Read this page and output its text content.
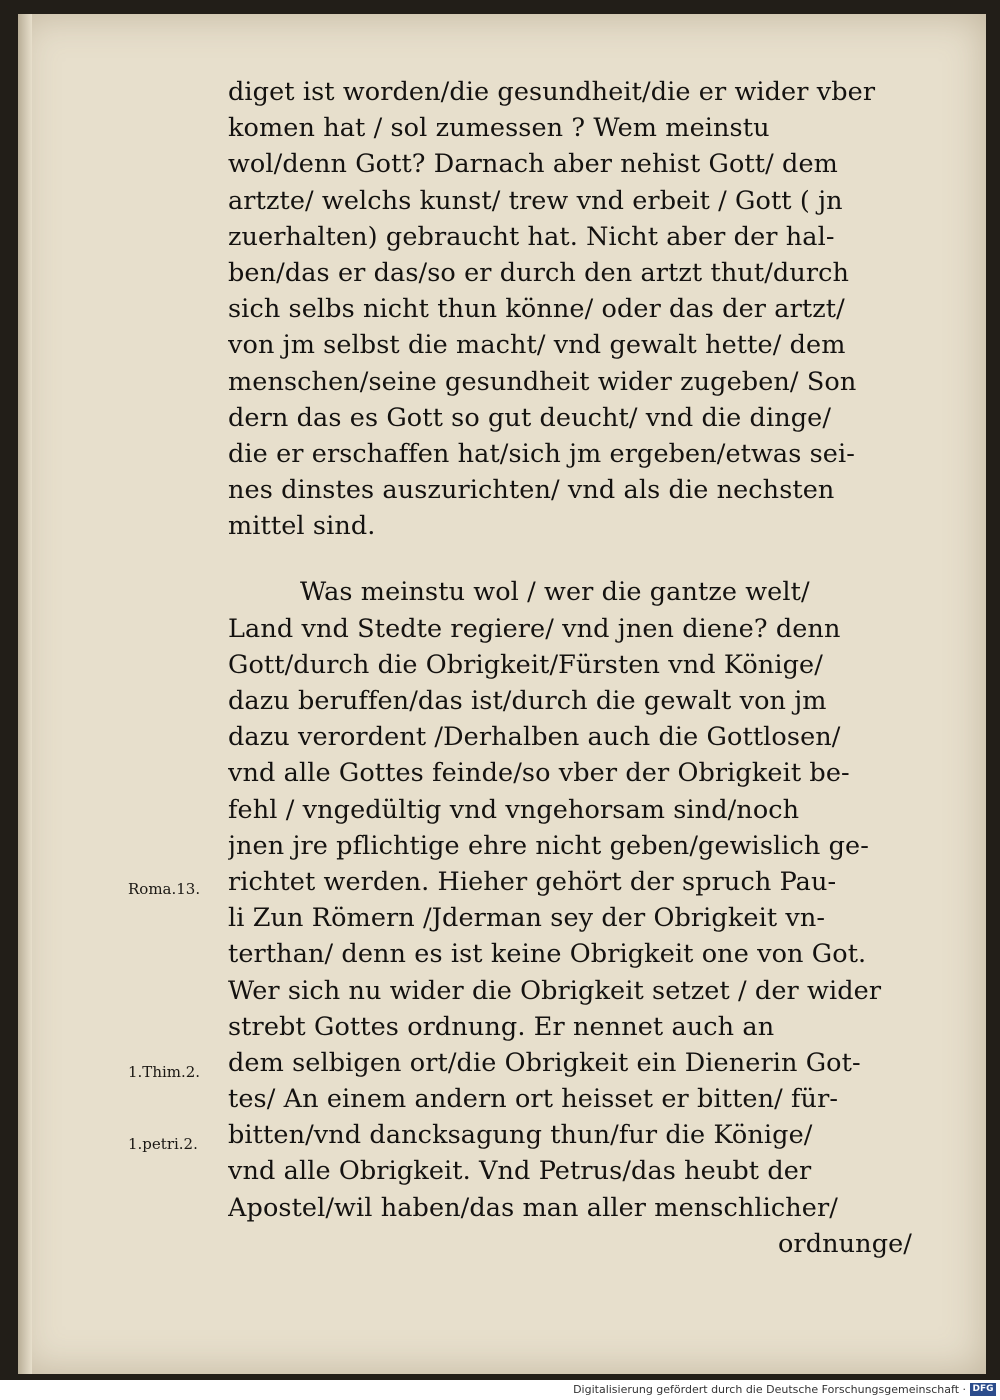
diget ist worden/die gesundheit/die er wider vber
komen hat / sol zumessen ? Wem meinstu
wol/denn Gott? Darnach aber nehist Gott/ dem
artzte/ welchs kunst/ trew vnd erbeit / Gott ( jn
zuerhalten) gebraucht hat. Nicht aber der hal-
ben/das er das/so er durch den artzt thut/durch
sich selbs nicht thun könne/ oder das der artzt/
von jm selbst die macht/ vnd gewalt hette/ dem
menschen/seine gesundheit wider zugeben/ Son
dern das es Gott so gut deucht/ vnd die dinge/
die er erschaffen hat/sich jm ergeben/etwas sei-
nes dinstes auszurichten/ vnd als die nechsten
mittel sind.
Was meinstu wol / wer die gantze welt/
Land vnd Stedte regiere/ vnd jnen diene? denn
Gott/durch die Obrigkeit/Fürsten vnd Könige/
dazu beruffen/das ist/durch die gewalt von jm
dazu verordent /Derhalben auch die Gottlosen/
vnd alle Gottes feinde/so vber der Obrigkeit be-
fehl / vngedültig vnd vngehorsam sind/noch
jnen jre pflichtige ehre nicht geben/gewislich ge-
richtet werden. Hieher gehört der spruch Pau-
li Zun Römern /Jderman sey der Obrigkeit vn-
terthan/ denn es ist keine Obrigkeit one von Got.
Wer sich nu wider die Obrigkeit setzet / der wider
strebt Gottes ordnung. Er nennet auch an
dem selbigen ort/die Obrigkeit ein Dienerin Got-
tes/ An einem andern ort heisset er bitten/ für-
bitten/vnd dancksagung thun/fur die Könige/
vnd alle Obrigkeit. Vnd Petrus/das heubt der
Apostel/wil haben/das man aller menschlicher/
ordnunge/
Roma.13.
1.Thim.2.
1.petri.2.
Digitalisierung gefördert durch die Deutsche Forschungsgemeinschaft · DFG
